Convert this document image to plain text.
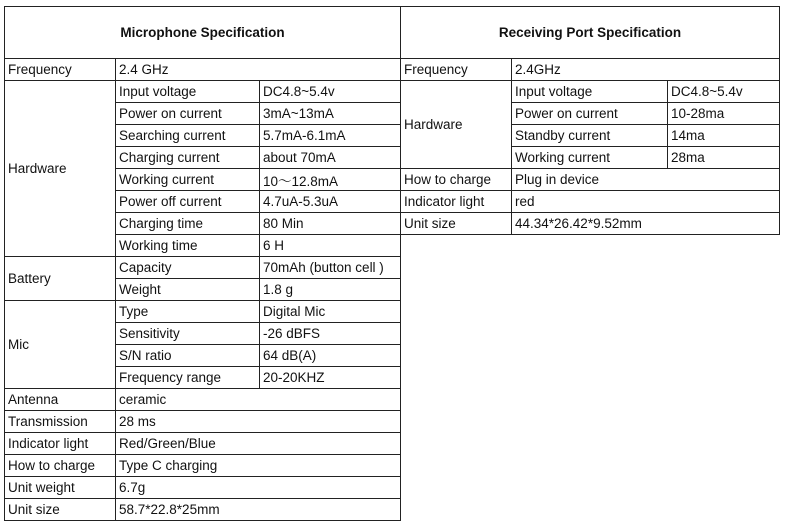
Microphone Specification		
Frequency	2.4 GHz	
Hardware	Input voltage	DC4.8~5.4v
	Power on current	3mA~13mA
	Searching current	5.7mA-6.1mA
	Charging current	about 70mA
	Working current	10～12.8mA
	Power off current	4.7uA-5.3uA
	Charging time	80 Min
	Working time	6 H
Battery	Capacity	70mAh (button cell )
	Weight	1.8 g
Mic	Type	Digital Mic
	Sensitivity	-26 dBFS
	S/N ratio	64 dB(A)
	Frequency range	20-20KHZ
Antenna	ceramic	
Transmission	28 ms	
Indicator light	Red/Green/Blue	
How to charge	Type C charging	
Unit weight	6.7g	
Unit size	58.7*22.8*25mm	
Receiving Port Specification		
Frequency	2.4GHz	
Hardware	Input voltage	DC4.8~5.4v
	Power on current	10-28ma
	Standby current	14ma
	Working current	28ma
How to charge	Plug in device	
Indicator light	red	
Unit size	44.34*26.42*9.52mm	
